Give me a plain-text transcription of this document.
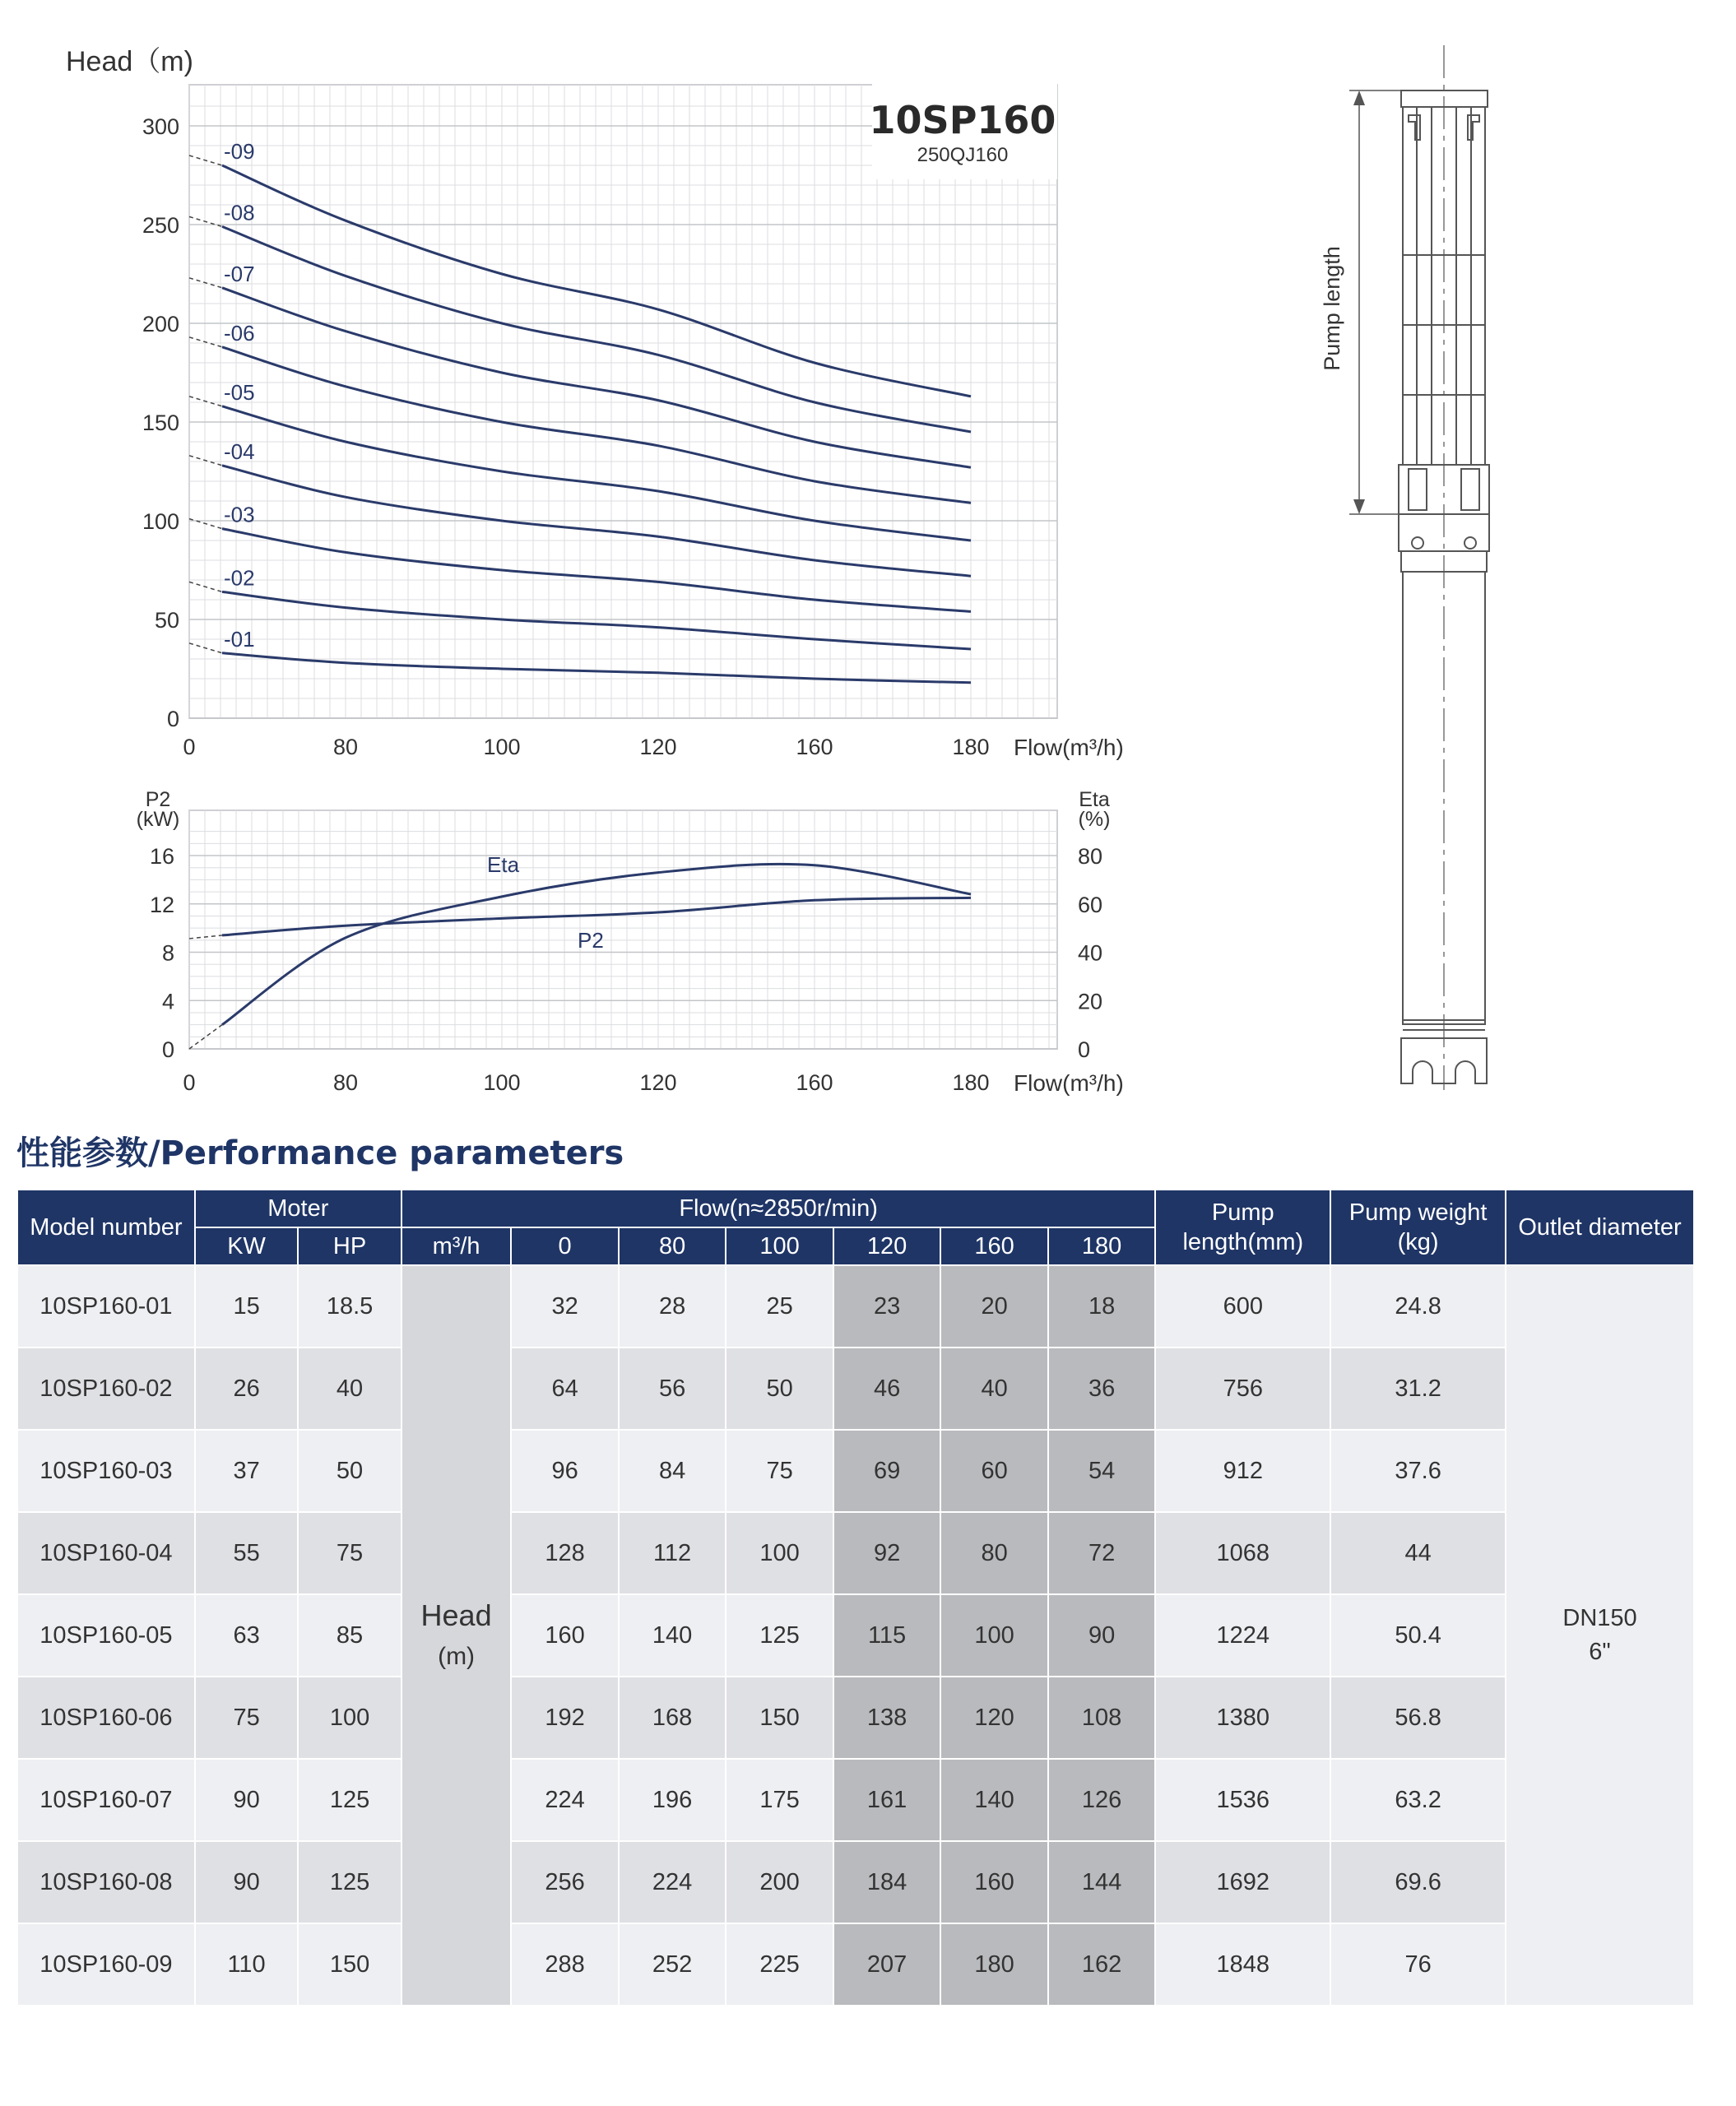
10SP160
250QJ160
Head（m)
0
50
100
150
200
250
300
0	80	100	120	160	180 Flow(m³/h)
-01
-02
-03
-04
-05
-06
-07
-08
-09
P2
(kW)
Eta
(%)
0
4
8
12
16
0
20
40
60
80
0	80	100	120	160	180 Flow(m³/h)
Eta
P2
Pump length
性能参数/Performance parameters
Model number	Moter		Flow(n≈2850r/min)							Pump length(mm)	Pump weight (kg)	Outlet diameter
	KW	HP	m³/h	0	80	100	120	160	180			
10SP160-01	15	18.5	Head
(m)	32	28	25	23	20	18	600	24.8	DN150
6"
10SP160-02	26	40		64	56	50	46	40	36	756	31.2	
10SP160-03	37	50		96	84	75	69	60	54	912	37.6	
10SP160-04	55	75		128	112	100	92	80	72	1068	44	
10SP160-05	63	85		160	140	125	115	100	90	1224	50.4	
10SP160-06	75	100		192	168	150	138	120	108	1380	56.8	
10SP160-07	90	125		224	196	175	161	140	126	1536	63.2	
10SP160-08	90	125		256	224	200	184	160	144	1692	69.6	
10SP160-09	110	150		288	252	225	207	180	162	1848	76	
